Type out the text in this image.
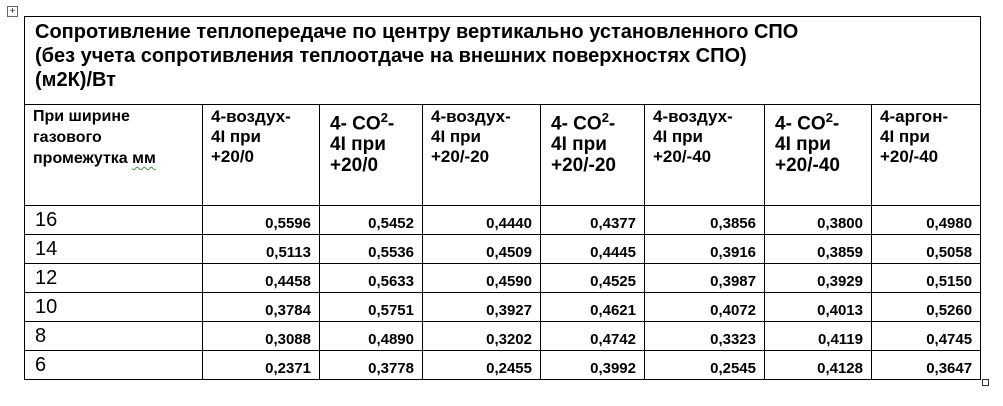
+
Сопротивление теплопередаче по центру вертикально установленного СПО
(без учета сопротивления теплоотдаче на внешних поверхностях СПО)
(м2К)/Вт							

При ширине
газового
промежутка мм	4-воздух-
4I при
+20/0	4- $CO^2-$
4I при
+20/0	4-воздух-
4I при
+20/-20	4- $CO^2-$
4I при
+20/-20	4-воздух-
4I при
+20/-40	4- $CO^2-$
4I при
+20/-40	4-аргон-
4I при
+20/-40

16	0,5596	0,5452	0,4440	0,4377	0,3856	0,3800	0,4980
14	0,5113	0,5536	0,4509	0,4445	0,3916	0,3859	0,5058
12	0,4458	0,5633	0,4590	0,4525	0,3987	0,3929	0,5150
10	0,3784	0,5751	0,3927	0,4621	0,4072	0,4013	0,5260
8	0,3088	0,4890	0,3202	0,4742	0,3323	0,4119	0,4745
6	0,2371	0,3778	0,2455	0,3992	0,2545	0,4128	0,3647
